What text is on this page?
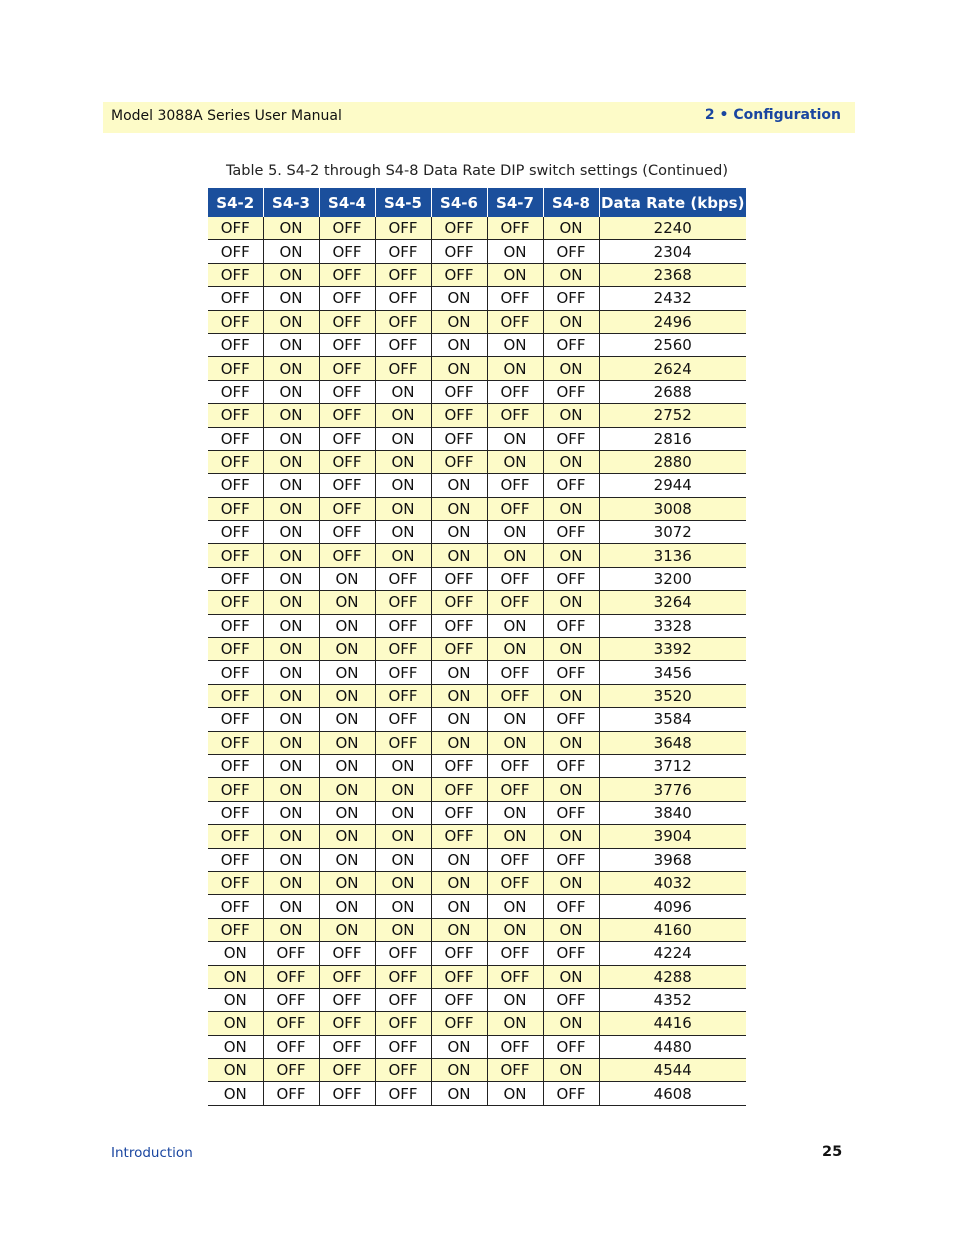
Model 3088A Series User Manual	2 • Configuration
Table 5. S4-2 through S4-8 Data Rate DIP switch settings (Continued)
S4-2	S4-3	S4-4	S4-5	S4-6	S4-7	S4-8	Data Rate (kbps)
OFF	ON	OFF	OFF	OFF	OFF	ON	2240
OFF	ON	OFF	OFF	OFF	ON	OFF	2304
OFF	ON	OFF	OFF	OFF	ON	ON	2368
OFF	ON	OFF	OFF	ON	OFF	OFF	2432
OFF	ON	OFF	OFF	ON	OFF	ON	2496
OFF	ON	OFF	OFF	ON	ON	OFF	2560
OFF	ON	OFF	OFF	ON	ON	ON	2624
OFF	ON	OFF	ON	OFF	OFF	OFF	2688
OFF	ON	OFF	ON	OFF	OFF	ON	2752
OFF	ON	OFF	ON	OFF	ON	OFF	2816
OFF	ON	OFF	ON	OFF	ON	ON	2880
OFF	ON	OFF	ON	ON	OFF	OFF	2944
OFF	ON	OFF	ON	ON	OFF	ON	3008
OFF	ON	OFF	ON	ON	ON	OFF	3072
OFF	ON	OFF	ON	ON	ON	ON	3136
OFF	ON	ON	OFF	OFF	OFF	OFF	3200
OFF	ON	ON	OFF	OFF	OFF	ON	3264
OFF	ON	ON	OFF	OFF	ON	OFF	3328
OFF	ON	ON	OFF	OFF	ON	ON	3392
OFF	ON	ON	OFF	ON	OFF	OFF	3456
OFF	ON	ON	OFF	ON	OFF	ON	3520
OFF	ON	ON	OFF	ON	ON	OFF	3584
OFF	ON	ON	OFF	ON	ON	ON	3648
OFF	ON	ON	ON	OFF	OFF	OFF	3712
OFF	ON	ON	ON	OFF	OFF	ON	3776
OFF	ON	ON	ON	OFF	ON	OFF	3840
OFF	ON	ON	ON	OFF	ON	ON	3904
OFF	ON	ON	ON	ON	OFF	OFF	3968
OFF	ON	ON	ON	ON	OFF	ON	4032
OFF	ON	ON	ON	ON	ON	OFF	4096
OFF	ON	ON	ON	ON	ON	ON	4160
ON	OFF	OFF	OFF	OFF	OFF	OFF	4224
ON	OFF	OFF	OFF	OFF	OFF	ON	4288
ON	OFF	OFF	OFF	OFF	ON	OFF	4352
ON	OFF	OFF	OFF	OFF	ON	ON	4416
ON	OFF	OFF	OFF	ON	OFF	OFF	4480
ON	OFF	OFF	OFF	ON	OFF	ON	4544
ON	OFF	OFF	OFF	ON	ON	OFF	4608
Introduction	25
